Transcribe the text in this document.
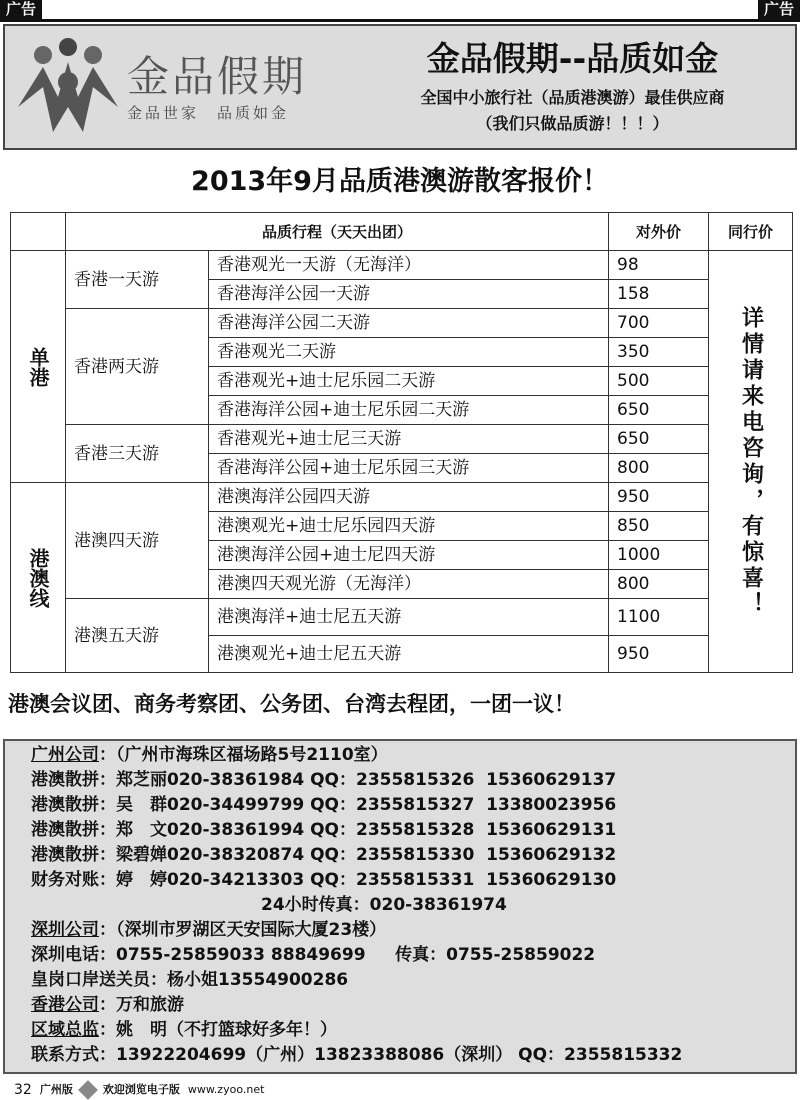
广告	广告
金品假期
金品世家　品质如金
金品假期--品质如金
全国中小旅行社（品质港澳游）最佳供应商
（我们只做品质游！！！）
2013年9月品质港澳游散客报价！
	品质行程（天天出团）		对外价	同行价
单港	香港一天游	香港观光一天游（无海洋）	98	详情请来电咨询，有惊喜！
		香港海洋公园一天游	158	
	香港两天游	香港海洋公园二天游	700	
		香港观光二天游	350	
		香港观光+迪士尼乐园二天游	500	
		香港海洋公园+迪士尼乐园二天游	650	
	香港三天游	香港观光+迪士尼三天游	650	
		香港海洋公园+迪士尼乐园三天游	800	
港澳线	港澳四天游	港澳海洋公园四天游	950	
		港澳观光+迪士尼乐园四天游	850	
		港澳海洋公园+迪士尼四天游	1000	
		港澳四天观光游（无海洋）	800	
	港澳五天游	港澳海洋+迪士尼五天游	1100	
		港澳观光+迪士尼五天游	950	
港澳会议团、商务考察团、公务团、台湾去程团，一团一议！
广州公司：（广州市海珠区福场路5号2110室）
港澳散拼：郑芝丽020-38361984 QQ：2355815326  15360629137
港澳散拼：吴　群020-34499799 QQ：2355815327  13380023956
港澳散拼：郑　文020-38361994 QQ：2355815328  15360629131
港澳散拼：梁碧婵020-38320874 QQ：2355815330  15360629132
财务对账：婷　婷020-34213303 QQ：2355815331  15360629130
24小时传真：020-38361974
深圳公司：（深圳市罗湖区天安国际大厦23楼）
深圳电话：0755-25859033 88849699     传真：0755-25859022
皇岗口岸送关员：杨小姐13554900286
香港公司：万和旅游
区域总监：姚　明（不打篮球好多年！）
联系方式：13922204699（广州）13823388086（深圳） QQ：2355815332
32 广州版	欢迎浏览电子版 www.zyoo.net
